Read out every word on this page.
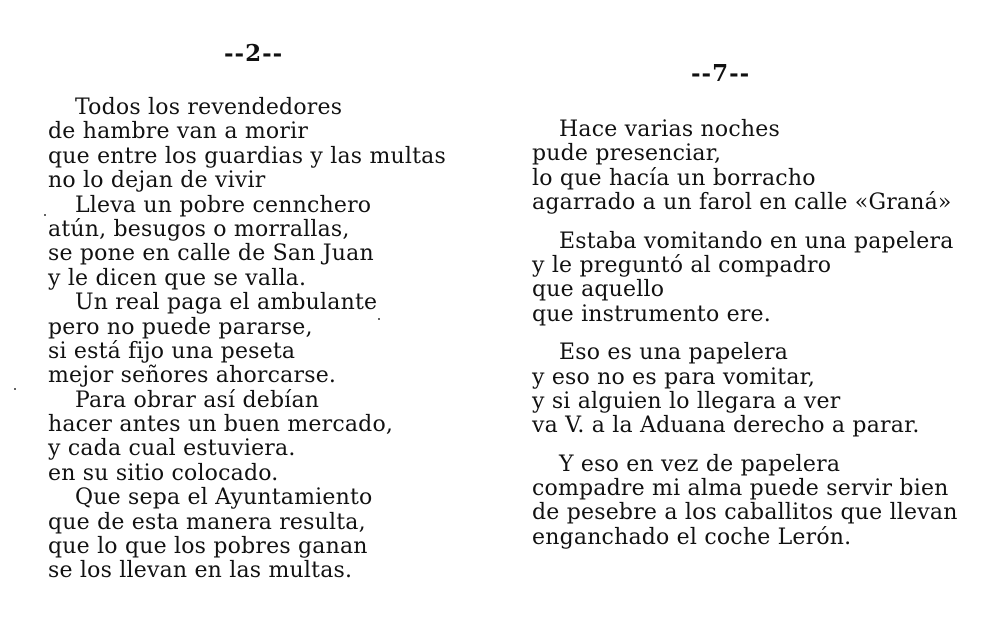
--2--
Todos los revendedores
de hambre van a morir
que entre los guardias y las multas
no lo dejan de vivir
Lleva un pobre cennchero
atún, besugos o morrallas,
se pone en calle de San Juan
y le dicen que se valla.
Un real paga el ambulante
pero no puede pararse,
si está fijo una peseta
mejor señores ahorcarse.
Para obrar así debían
hacer antes un buen mercado,
y cada cual estuviera.
en su sitio colocado.
Que sepa el Ayuntamiento
que de esta manera resulta,
que lo que los pobres ganan
se los llevan en las multas.
--7--
Hace varias noches
pude presenciar,
lo que hacía un borracho
agarrado a un farol en calle «Graná»
Estaba vomitando en una papelera
y le preguntó al compadro
que aquello
que instrumento ere.
Eso es una papelera
y eso no es para vomitar,
y si alguien lo llegara a ver
va V. a la Aduana derecho a parar.
Y eso en vez de papelera
compadre mi alma puede servir bien
de pesebre a los caballitos que llevan
enganchado el coche Lerón.
